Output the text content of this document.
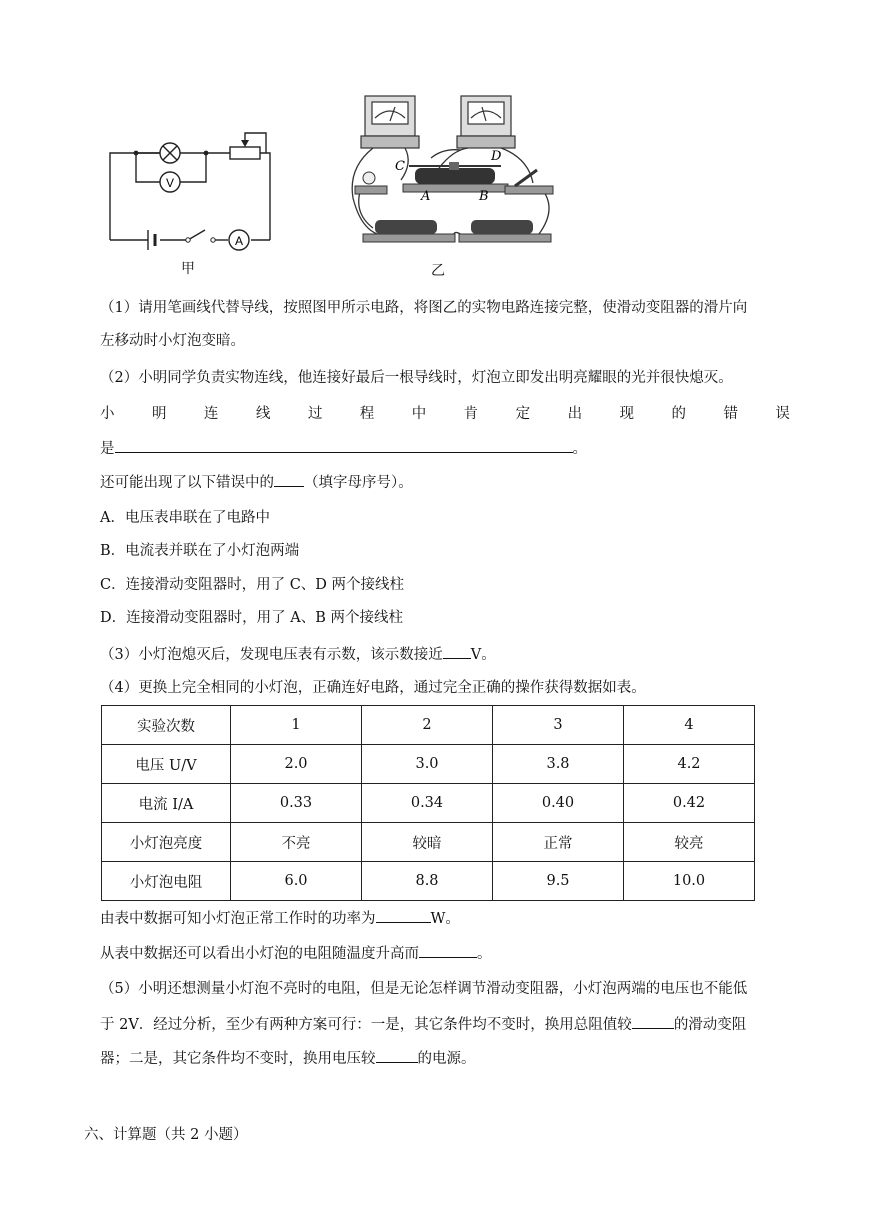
V
A
甲
C
D
A	B
乙
（1）请用笔画线代替导线，按照图甲所示电路，将图乙的实物电路连接完整，使滑动变阻器的滑片向
左移动时小灯泡变暗。
（2）小明同学负责实物连线，他连接好最后一根导线时，灯泡立即发出明亮耀眼的光并很快熄灭。
小	明	连	线	过	程	中	肯	定	出	现	的	错	误
是	。
还可能出现了以下错误中的 （填字母序号）。
A．电压表串联在了电路中
B．电流表并联在了小灯泡两端
C．连接滑动变阻器时，用了 C、D 两个接线柱
D．连接滑动变阻器时，用了 A、B 两个接线柱
（3）小灯泡熄灭后，发现电压表有示数，该示数接近 V。
（4）更换上完全相同的小灯泡，正确连好电路，通过完全正确的操作获得数据如表。
实验次数	1	2	3	4
电压 U/V	2.0	3.0	3.8	4.2
电流 I/A	0.33	0.34	0.40	0.42
小灯泡亮度	不亮	较暗	正常	较亮
小灯泡电阻	6.0	8.8	9.5	10.0
由表中数据可知小灯泡正常工作时的功率为	W。
从表中数据还可以看出小灯泡的电阻随温度升高而	。
（5）小明还想测量小灯泡不亮时的电阻，但是无论怎样调节滑动变阻器，小灯泡两端的电压也不能低
于 2V．经过分析，至少有两种方案可行：一是，其它条件均不变时，换用总阻值较	的滑动变阻
器；二是，其它条件均不变时，换用电压较	的电源。
六、计算题（共 2 小题）
